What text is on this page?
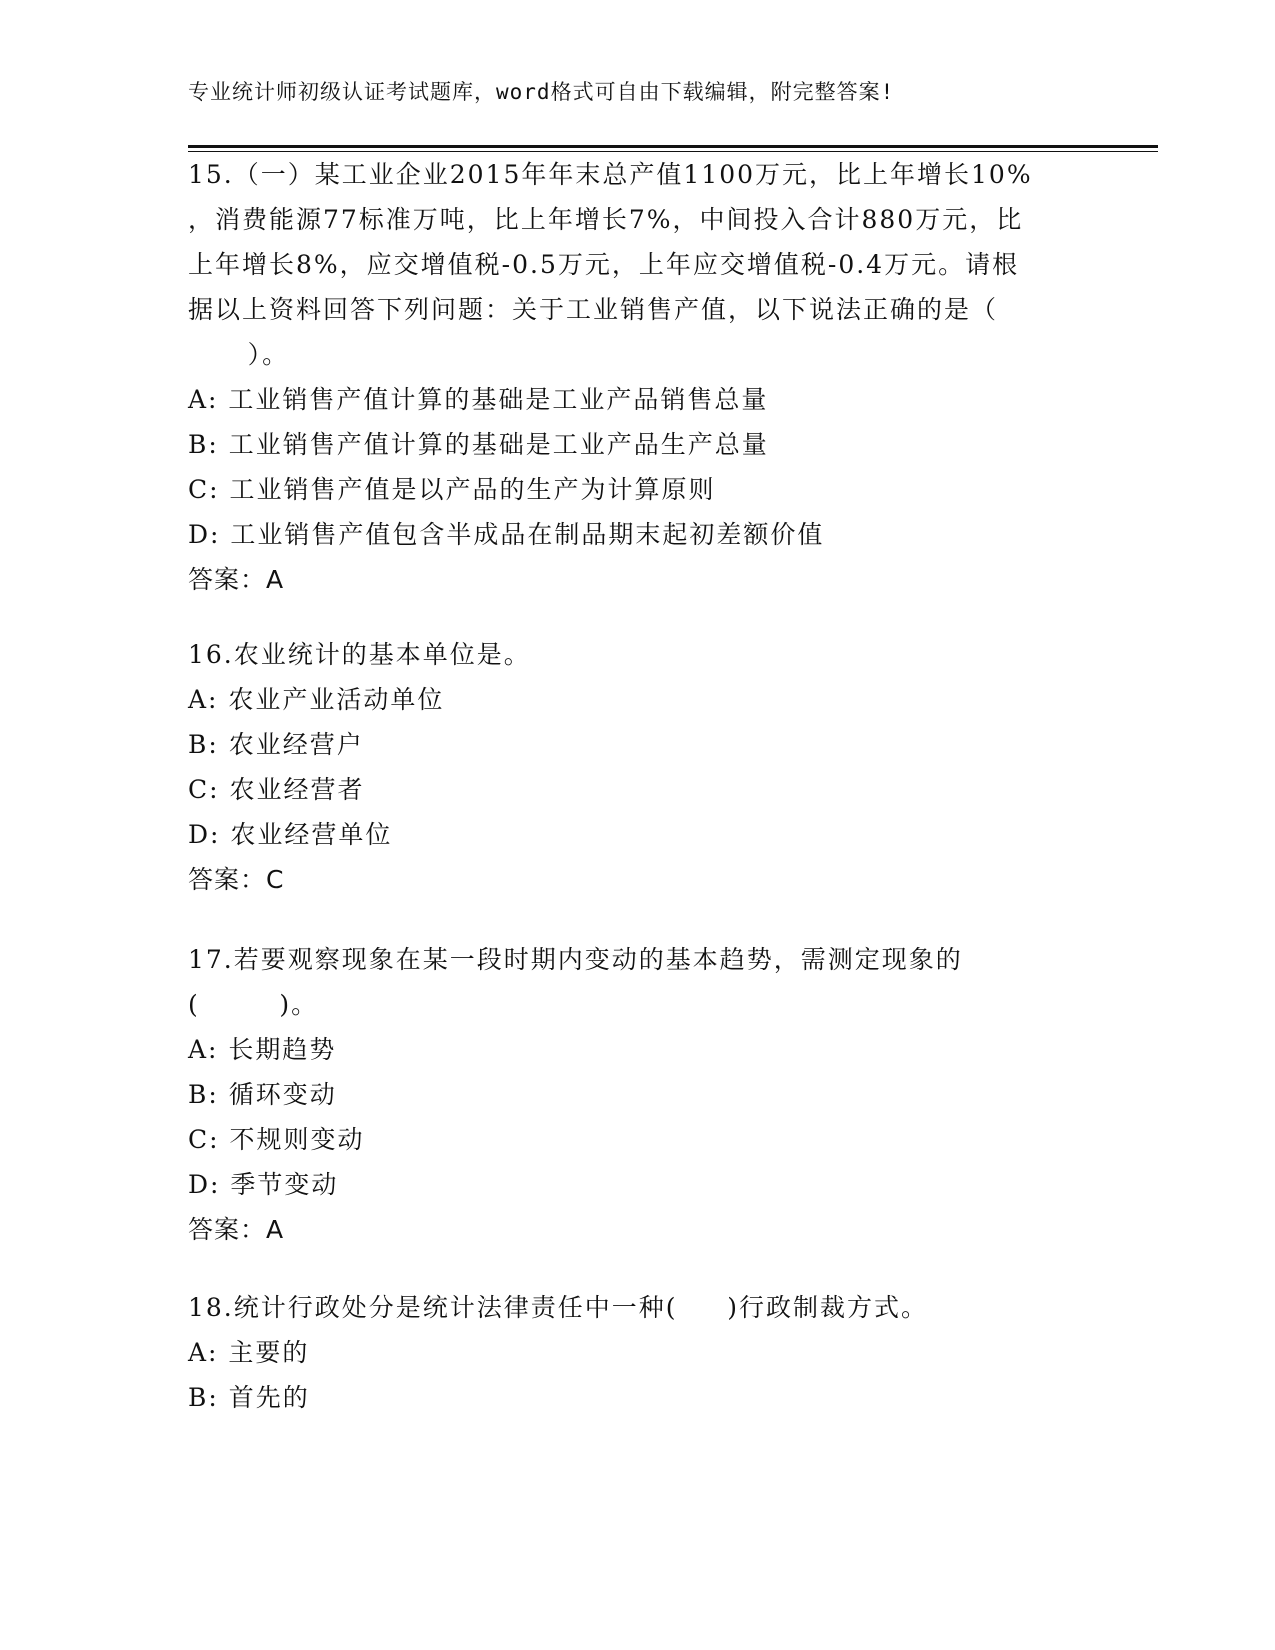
专业统计师初级认证考试题库，word格式可自由下载编辑，附完整答案!
15.（一）某工业企业2015年年末总产值1100万元，比上年增长10%
，消费能源77标准万吨，比上年增长7%，中间投入合计880万元，比
上年增长8%，应交增值税-0.5万元，上年应交增值税-0.4万元。请根
据以上资料回答下列问题：关于工业销售产值，以下说法正确的是（
）。
A: 工业销售产值计算的基础是工业产品销售总量
B: 工业销售产值计算的基础是工业产品生产总量
C: 工业销售产值是以产品的生产为计算原则
D: 工业销售产值包含半成品在制品期末起初差额价值
答案：A
16.农业统计的基本单位是。
A: 农业产业活动单位
B: 农业经营户
C: 农业经营者
D: 农业经营单位
答案：C
17.若要观察现象在某一段时期内变动的基本趋势，需测定现象的
(        )。
A: 长期趋势
B: 循环变动
C: 不规则变动
D: 季节变动
答案：A
18.统计行政处分是统计法律责任中一种(     )行政制裁方式。
A: 主要的
B: 首先的
